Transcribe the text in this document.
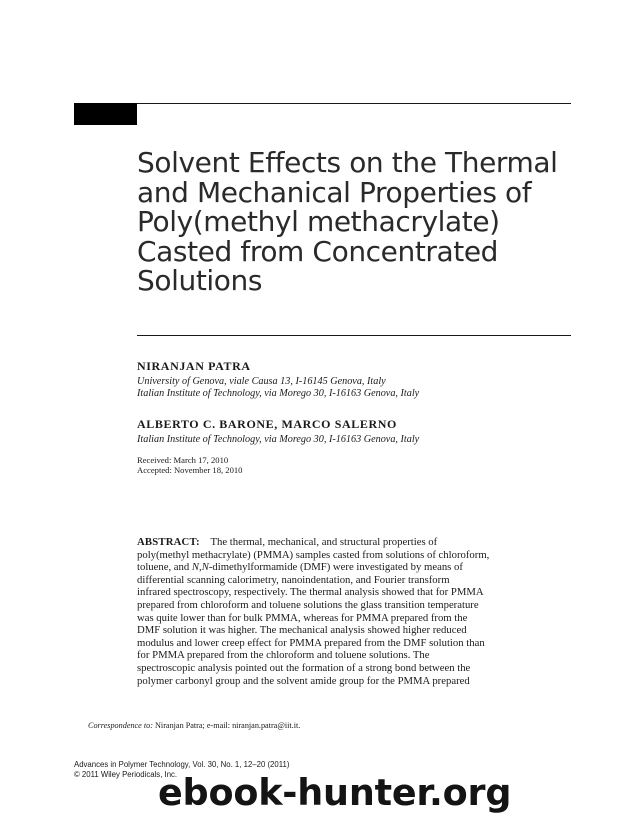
Solvent Effects on the Thermal
and Mechanical Properties of
Poly(methyl methacrylate)
Casted from Concentrated
Solutions
NIRANJAN PATRA
University of Genova, viale Causa 13, I-16145 Genova, Italy
Italian Institute of Technology, via Morego 30, I-16163 Genova, Italy
ALBERTO C. BARONE, MARCO SALERNO
Italian Institute of Technology, via Morego 30, I-16163 Genova, Italy
Received: March 17, 2010
Accepted: November 18, 2010
ABSTRACT: The thermal, mechanical, and structural properties of
poly(methyl methacrylate) (PMMA) samples casted from solutions of chloroform,
toluene, and N,N-dimethylformamide (DMF) were investigated by means of
differential scanning calorimetry, nanoindentation, and Fourier transform
infrared spectroscopy, respectively. The thermal analysis showed that for PMMA
prepared from chloroform and toluene solutions the glass transition temperature
was quite lower than for bulk PMMA, whereas for PMMA prepared from the
DMF solution it was higher. The mechanical analysis showed higher reduced
modulus and lower creep effect for PMMA prepared from the DMF solution than
for PMMA prepared from the chloroform and toluene solutions. The
spectroscopic analysis pointed out the formation of a strong bond between the
polymer carbonyl group and the solvent amide group for the PMMA prepared
Correspondence to: Niranjan Patra; e-mail: niranjan.patra@iit.it.
Advances in Polymer Technology, Vol. 30, No. 1, 12–20 (2011)
© 2011 Wiley Periodicals, Inc.
ebook-hunter.org
